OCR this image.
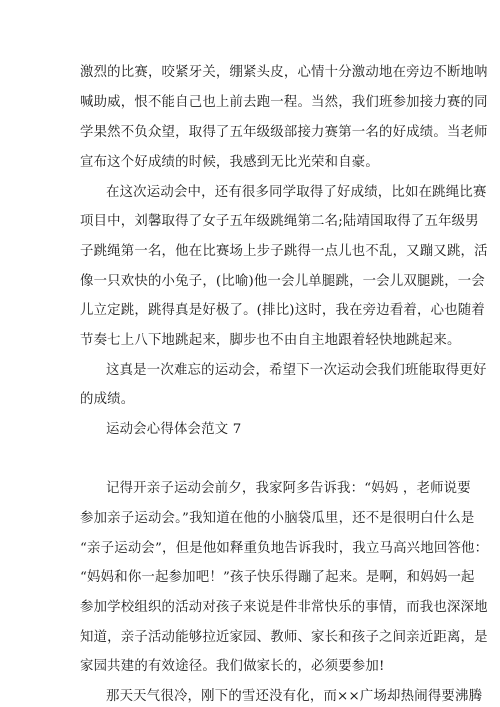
激烈的比赛，咬紧牙关，绷紧头皮，心情十分激动地在旁边不断地呐
喊助威，恨不能自己也上前去跑一程。当然，我们班参加接力赛的同
学果然不负众望，取得了五年级级部接力赛第一名的好成绩。当老师
宣布这个好成绩的时候，我感到无比光荣和自豪。
在这次运动会中，还有很多同学取得了好成绩，比如在跳绳比赛
项目中，刘馨取得了女子五年级跳绳第二名;陆靖国取得了五年级男
子跳绳第一名，他在比赛场上步子跳得一点儿也不乱，又蹦又跳，活
像一只欢快的小兔子，(比喻)他一会儿单腿跳，一会儿双腿跳，一会
儿立定跳，跳得真是好极了。(排比)这时，我在旁边看着，心也随着
节奏七上八下地跳起来，脚步也不由自主地跟着轻快地跳起来。
这真是一次难忘的运动会，希望下一次运动会我们班能取得更好
的成绩。
运动会心得体会范文 7
记得开亲子运动会前夕，我家阿多告诉我：“妈妈 ，老师说要
参加亲子运动会。”我知道在他的小脑袋瓜里，还不是很明白什么是
“亲子运动会”，但是他如释重负地告诉我时，我立马高兴地回答他：
“妈妈和你一起参加吧！”孩子快乐得蹦了起来。是啊，和妈妈一起
参加学校组织的活动对孩子来说是件非常快乐的事情，而我也深深地
知道，亲子活动能够拉近家园、教师、家长和孩子之间亲近距离，是
家园共建的有效途径。我们做家长的，必须要参加!
那天天气很冷，刚下的雪还没有化，而××广场却热闹得要沸腾
